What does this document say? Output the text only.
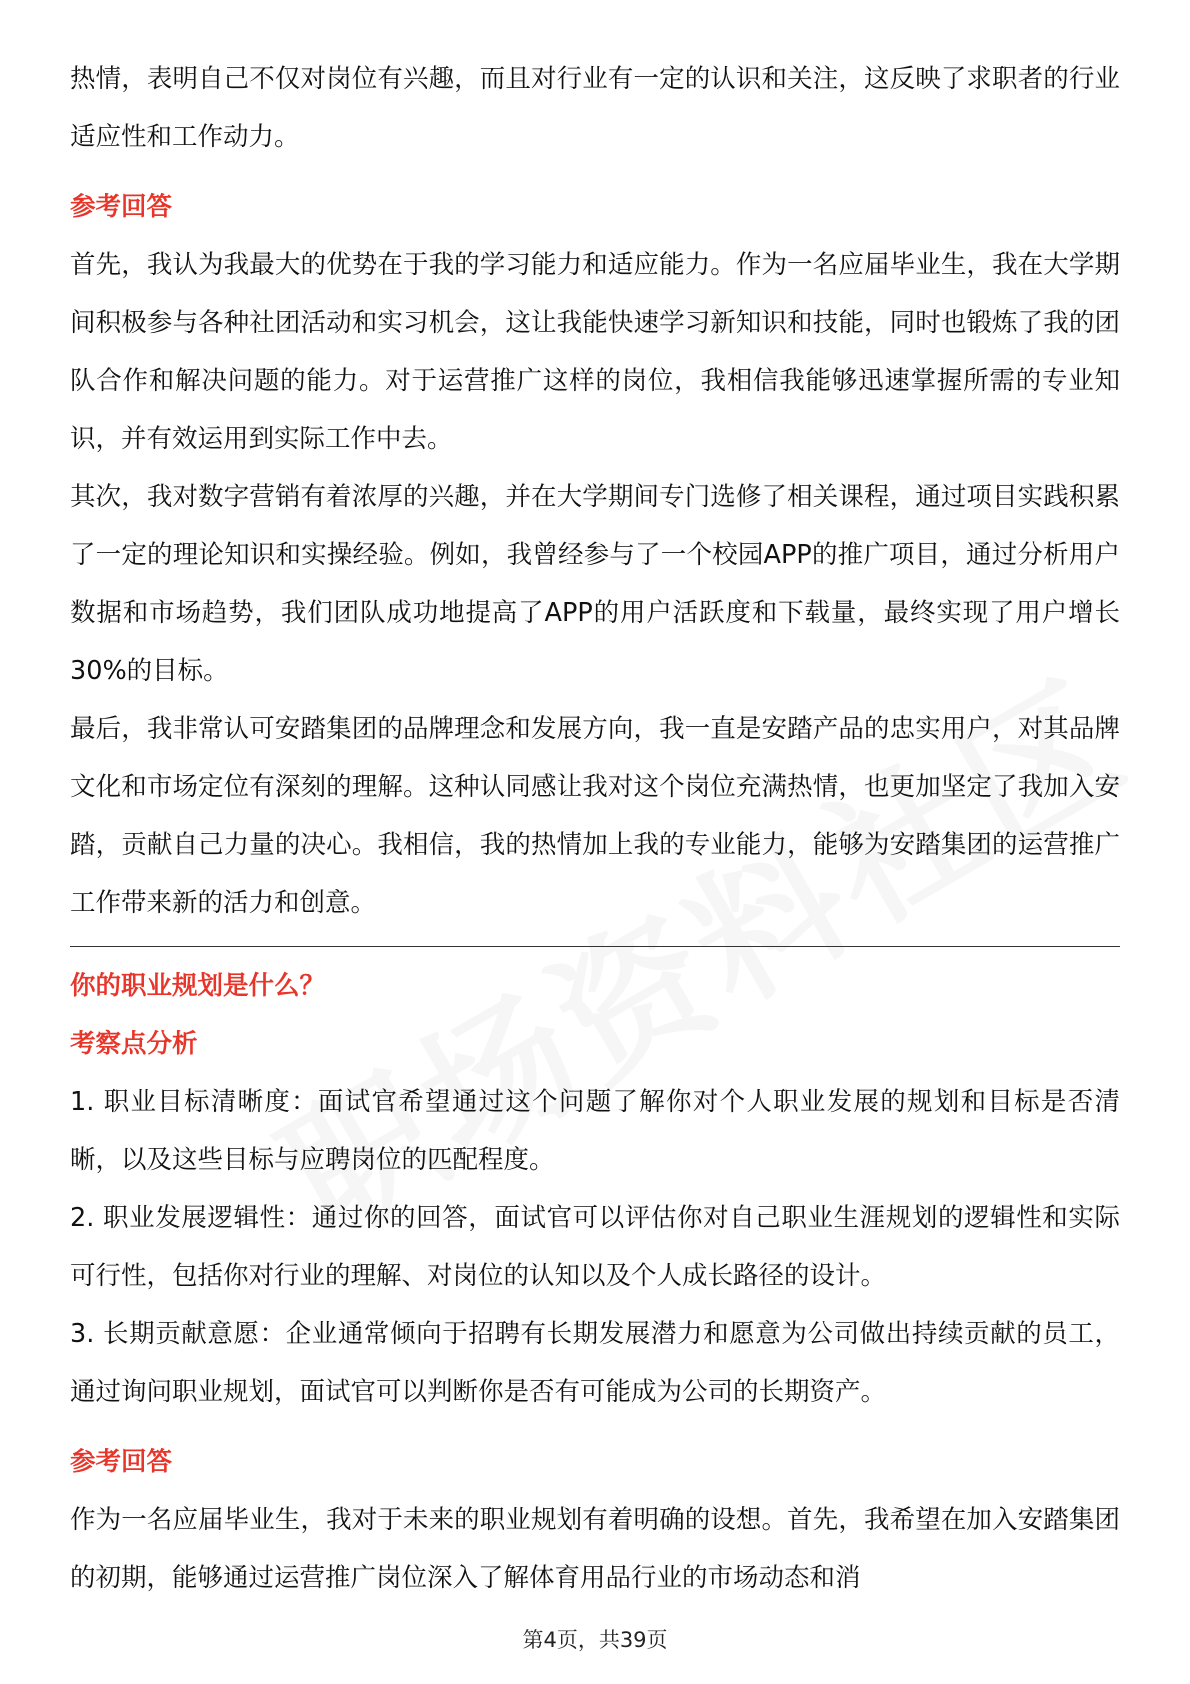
热情，表明自己不仅对岗位有兴趣，而且对行业有一定的认识和关注，这反映了求职者的行业适应性和工作动力。

参考回答

首先，我认为我最大的优势在于我的学习能力和适应能力。作为一名应届毕业生，我在大学期间积极参与各种社团活动和实习机会，这让我能快速学习新知识和技能，同时也锻炼了我的团队合作和解决问题的能力。对于运营推广这样的岗位，我相信我能够迅速掌握所需的专业知识，并有效运用到实际工作中去。

其次，我对数字营销有着浓厚的兴趣，并在大学期间专门选修了相关课程，通过项目实践积累了一定的理论知识和实操经验。例如，我曾经参与了一个校园APP的推广项目，通过分析用户数据和市场趋势，我们团队成功地提高了APP的用户活跃度和下载量，最终实现了用户增长30%的目标。

最后，我非常认可安踏集团的品牌理念和发展方向，我一直是安踏产品的忠实用户，对其品牌文化和市场定位有深刻的理解。这种认同感让我对这个岗位充满热情，也更加坚定了我加入安踏，贡献自己力量的决心。我相信，我的热情加上我的专业能力，能够为安踏集团的运营推广工作带来新的活力和创意。

你的职业规划是什么？
考察点分析

1. 职业目标清晰度：面试官希望通过这个问题了解你对个人职业发展的规划和目标是否清晰，以及这些目标与应聘岗位的匹配程度。

2. 职业发展逻辑性：通过你的回答，面试官可以评估你对自己职业生涯规划的逻辑性和实际可行性，包括你对行业的理解、对岗位的认知以及个人成长路径的设计。

3. 长期贡献意愿：企业通常倾向于招聘有长期发展潜力和愿意为公司做出持续贡献的员工，通过询问职业规划，面试官可以判断你是否有可能成为公司的长期资产。

参考回答

作为一名应届毕业生，我对于未来的职业规划有着明确的设想。首先，我希望在加入安踏集团的初期，能够通过运营推广岗位深入了解体育用品行业的市场动态和消

第4页，共39页
